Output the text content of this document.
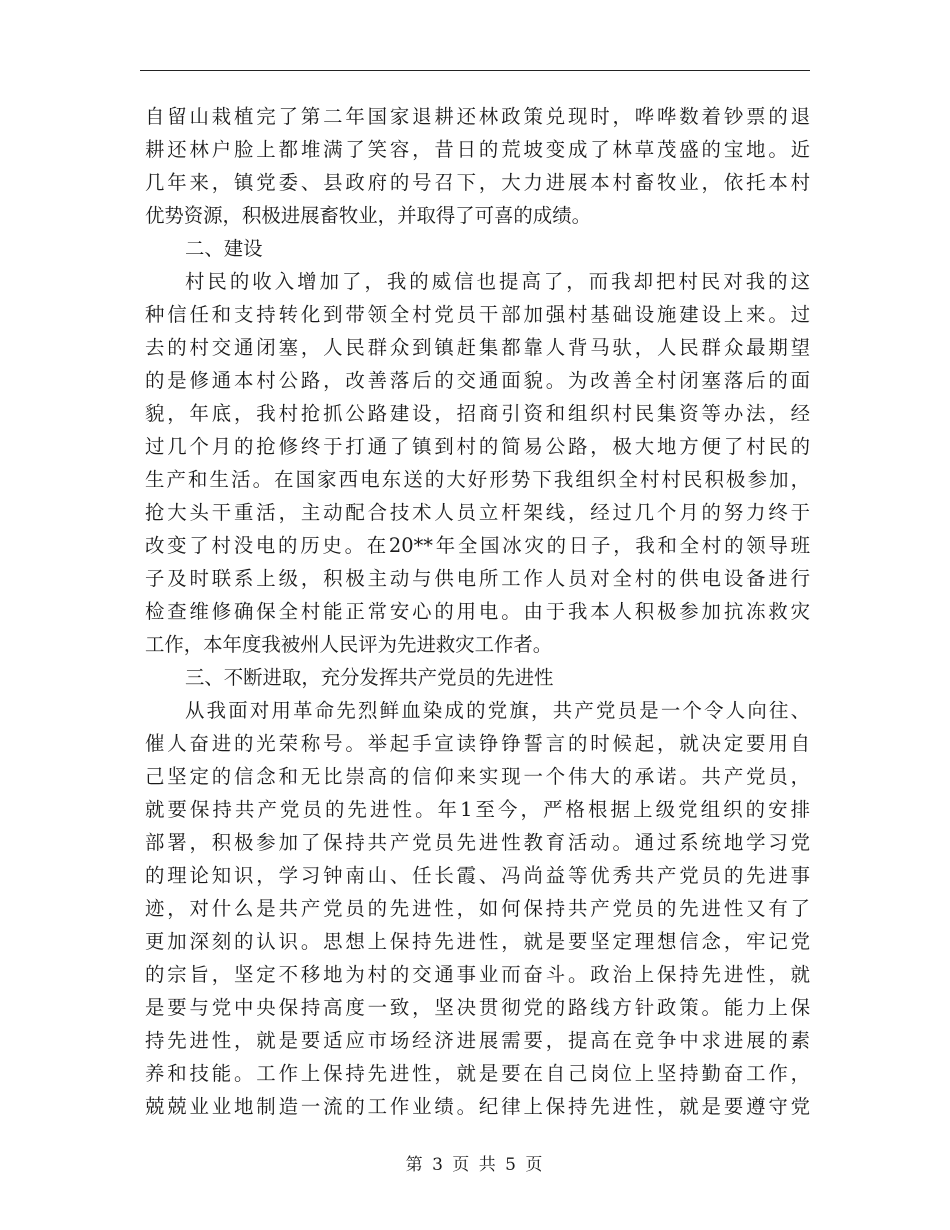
自留山栽植完了第二年国家退耕还林政策兑现时，哗哗数着钞票的退
耕还林户脸上都堆满了笑容，昔日的荒坡变成了林草茂盛的宝地。近
几年来，镇党委、县政府的号召下，大力进展本村畜牧业，依托本村
优势资源，积极进展畜牧业，并取得了可喜的成绩。
二、建设
村民的收入增加了，我的威信也提高了，而我却把村民对我的这
种信任和支持转化到带领全村党员干部加强村基础设施建设上来。过
去的村交通闭塞，人民群众到镇赶集都靠人背马驮，人民群众最期望
的是修通本村公路，改善落后的交通面貌。为改善全村闭塞落后的面
貌，年底，我村抢抓公路建设，招商引资和组织村民集资等办法，经
过几个月的抢修终于打通了镇到村的简易公路，极大地方便了村民的
生产和生活。在国家西电东送的大好形势下我组织全村村民积极参加，
抢大头干重活，主动配合技术人员立杆架线，经过几个月的努力终于
改变了村没电的历史。在20**年全国冰灾的日子，我和全村的领导班
子及时联系上级，积极主动与供电所工作人员对全村的供电设备进行
检查维修确保全村能正常安心的用电。由于我本人积极参加抗冻救灾
工作，本年度我被州人民评为先进救灾工作者。
三、不断进取，充分发挥共产党员的先进性
从我面对用革命先烈鲜血染成的党旗，共产党员是一个令人向往、
催人奋进的光荣称号。举起手宣读铮铮誓言的时候起，就决定要用自
己坚定的信念和无比崇高的信仰来实现一个伟大的承诺。共产党员，
就要保持共产党员的先进性。年1至今，严格根据上级党组织的安排
部署，积极参加了保持共产党员先进性教育活动。通过系统地学习党
的理论知识，学习钟南山、任长霞、冯尚益等优秀共产党员的先进事
迹，对什么是共产党员的先进性，如何保持共产党员的先进性又有了
更加深刻的认识。思想上保持先进性，就是要坚定理想信念，牢记党
的宗旨，坚定不移地为村的交通事业而奋斗。政治上保持先进性，就
是要与党中央保持高度一致，坚决贯彻党的路线方针政策。能力上保
持先进性，就是要适应市场经济进展需要，提高在竞争中求进展的素
养和技能。工作上保持先进性，就是要在自己岗位上坚持勤奋工作，
兢兢业业地制造一流的工作业绩。纪律上保持先进性，就是要遵守党
第 3 页 共 5 页
